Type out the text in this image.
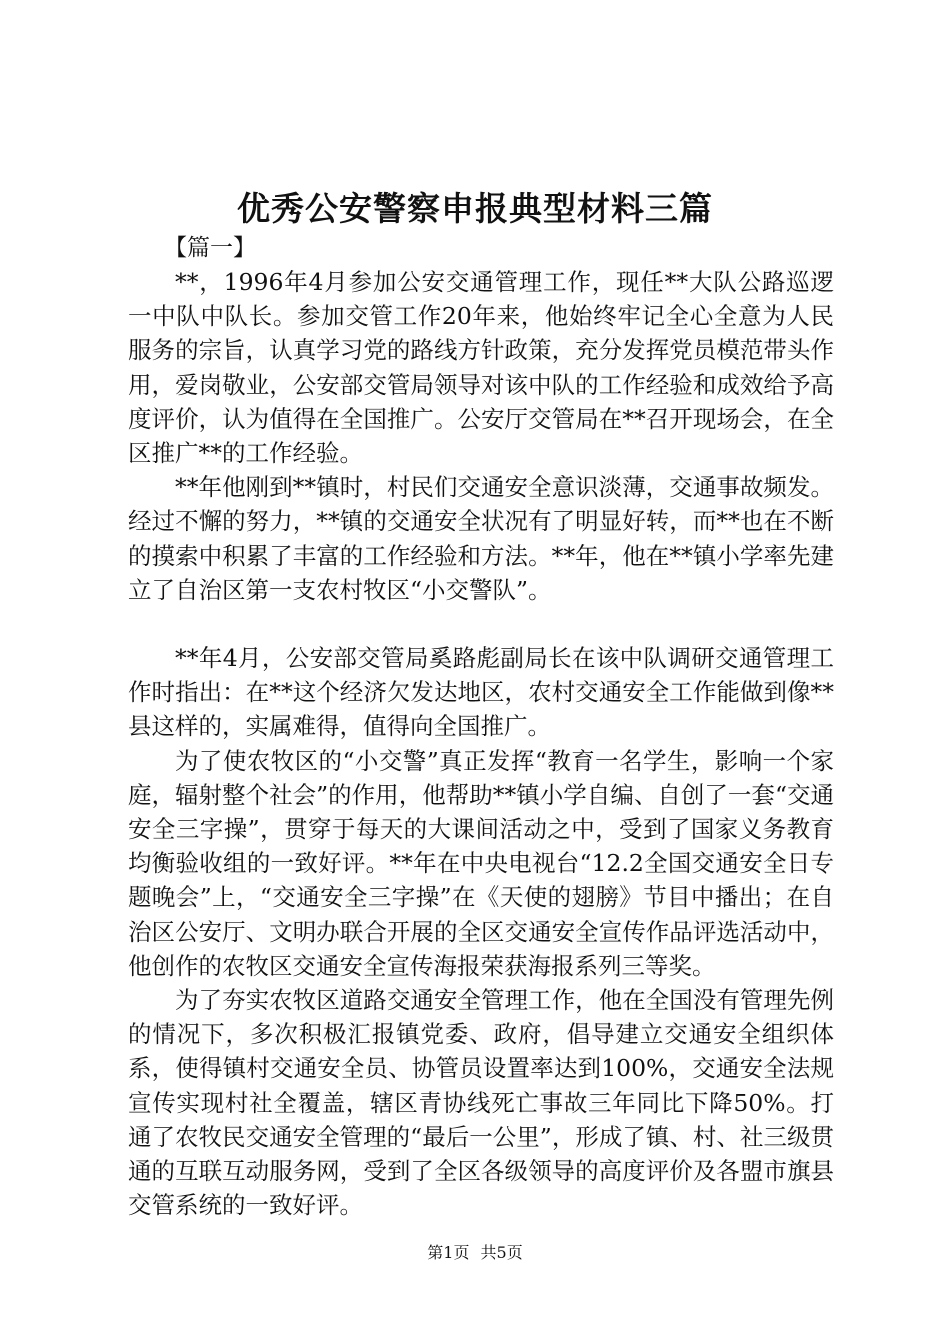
优秀公安警察申报典型材料三篇

【篇一】

**，1996年4月参加公安交通管理工作，现任**大队公路巡逻一中队中队长。参加交管工作20年来，他始终牢记全心全意为人民服务的宗旨，认真学习党的路线方针政策，充分发挥党员模范带头作用，爱岗敬业，公安部交管局领导对该中队的工作经验和成效给予高度评价，认为值得在全国推广。公安厅交管局在**召开现场会，在全区推广**的工作经验。

**年他刚到**镇时，村民们交通安全意识淡薄，交通事故频发。经过不懈的努力，**镇的交通安全状况有了明显好转，而**也在不断的摸索中积累了丰富的工作经验和方法。**年，他在**镇小学率先建立了自治区第一支农村牧区“小交警队”。

**年4月，公安部交管局奚路彪副局长在该中队调研交通管理工作时指出：在**这个经济欠发达地区，农村交通安全工作能做到像**县这样的，实属难得，值得向全国推广。

为了使农牧区的“小交警”真正发挥“教育一名学生，影响一个家庭，辐射整个社会”的作用，他帮助**镇小学自编、自创了一套“交通安全三字操”，贯穿于每天的大课间活动之中，受到了国家义务教育均衡验收组的一致好评。**年在中央电视台“12.2全国交通安全日专题晚会”上，“交通安全三字操”在《天使的翅膀》节目中播出；在自治区公安厅、文明办联合开展的全区交通安全宣传作品评选活动中，他创作的农牧区交通安全宣传海报荣获海报系列三等奖。

为了夯实农牧区道路交通安全管理工作，他在全国没有管理先例的情况下，多次积极汇报镇党委、政府，倡导建立交通安全组织体系，使得镇村交通安全员、协管员设置率达到100%，交通安全法规宣传实现村社全覆盖，辖区青协线死亡事故三年同比下降50%。打通了农牧民交通安全管理的“最后一公里”，形成了镇、村、社三级贯通的互联互动服务网，受到了全区各级领导的高度评价及各盟市旗县交管系统的一致好评。

第1页 共5页
